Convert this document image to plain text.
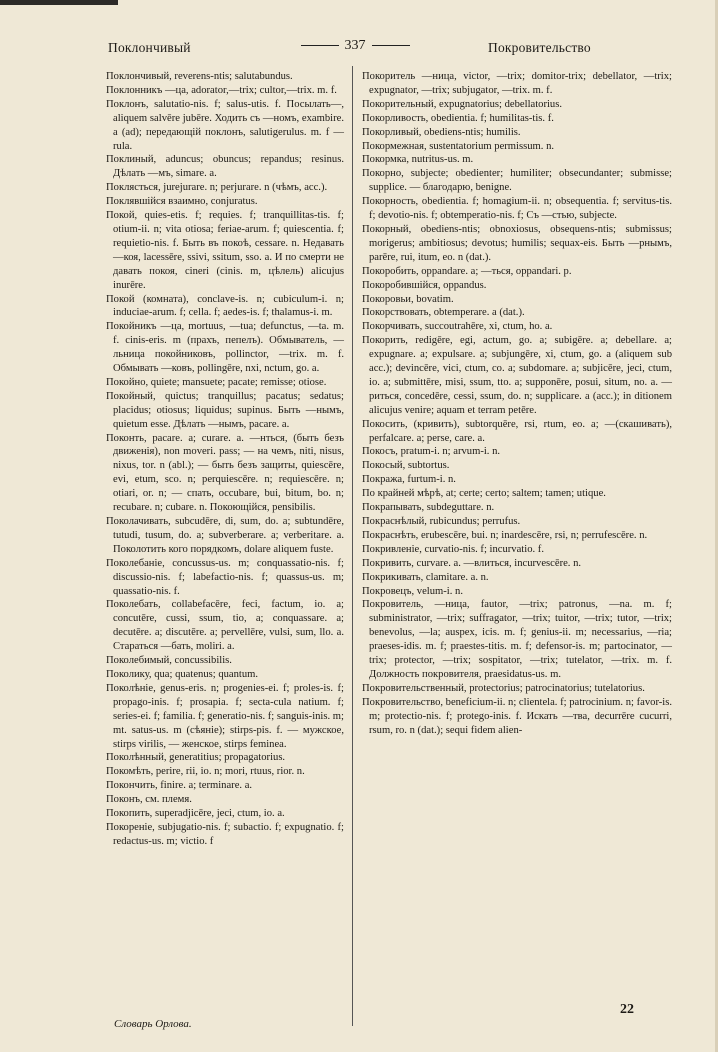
Поклончивый	337	Покровительство

Поклончивый, reverens-ntis; salutabundus.

Поклонникъ —ца, adorator,—trix; cultor,—trix. m. f.

Поклонъ, salutatio-nis. f; salus-utis. f. Посылать—, aliquem salvēre jubēre. Ходить съ —номъ, exambire. a (ad); передающій поклонъ, salutigerulus. m. f —rula.

Поклиный, aduncus; obuncus; repandus; resinus. Дѣлать —мъ, simare. a.

Поклясться, jurejurare. n; perjurare. n (чѣмъ, acc.).

Поклявшійся взаимно, conjuratus.

Покой, quies-etis. f; requies. f; tranquillitas-tis. f; otium-ii. n; vita otiosa; feriae-arum. f; quiescentia. f; requietio-nis. f. Быть въ покоѣ, cessare. n. Недавать —коя, lacessēre, ssivi, ssitum, sso. a. И по смерти не давать покоя, cineri (cinis. m, цѣлель) alicujus inurēre.

Покой (комната), conclave-is. n; cubiculum-i. n; induciae-arum. f; cella. f; aedes-is. f; thalamus-i. m.

Покойникъ —ца, mortuus, —tua; defunctus, —ta. m. f. cinis-eris. m (прахъ, пепелъ). Обмыватель, —льница покойниковъ, pollinctor, —trix. m. f. Обмывать —ковъ, pollingēre, nxi, nctum, go. a.

Покойно, quiete; mansuete; pacate; remisse; otiose.

Покойный, quictus; tranquillus; pacatus; sedatus; placidus; otiosus; liquidus; supinus. Быть —нымъ, quietum esse. Дѣлать —нымъ, pacare. a.

Поконть, pacare. a; curare. a. —нться, (быть безъ движенія), non moveri. pass; — на чемъ, niti, nisus, nixus, tor. n (abl.); — быть безъ защиты, quiescēre, evi, etum, sco. n; perquiescēre. n; requiescēre. n; otiari, or. n; — спать, occubare, bui, bitum, bo. n; recubare. n; cubare. n. Покоющійся, pensibilis.

Поколачивать, subcudēre, di, sum, do. a; subtundēre, tutudi, tusum, do. a; subverberare. a; verberitare. a. Поколотить кого порядкомъ, dolare aliquem fuste.

Поколебаніе, concussus-us. m; conquassatio-nis. f; discussio-nis. f; labefactio-nis. f; quassus-us. m; quassatio-nis. f.

Поколебать, collabefacēre, feci, factum, io. a; concutēre, cussi, ssum, tio, a; conquassare. a; decutēre. a; discutēre. a; pervellēre, vulsi, sum, llo. a. Стараться —бать, moliri. a.

Поколебимый, concussibilis.

Поколику, qua; quatenus; quantum.

Поколѣніе, genus-eris. n; progenies-ei. f; proles-is. f; propago-inis. f; prosapia. f; secta-cula natium. f; series-ei. f; familia. f; generatio-nis. f; sanguis-inis. m; mt. satus-us. m (сѣяніе); stirps-pis. f. — мужское, stirps virilis, — женское, stirps feminea.

Поколѣнный, generatitius; propagatorius.

Покомѣть, perire, rii, io. n; mori, rtuus, rior. n.

Покончить, finire. a; terminare. a.

Поконъ, см. племя.

Покопить, superadjicēre, jeci, ctum, io. a.

Покореніе, subjugatio-nis. f; subactio. f; expugnatio. f; redactus-us. m; victio. f

Покоритель —ница, victor, —trix; domitor-trix; debellator, —trix; expugnator, —trix; subjugator, —trix. m. f.

Покорительный, expugnatorius; debellatorius.

Покорливость, obedientia. f; humilitas-tis. f.

Покорливый, obediens-ntis; humilis.

Покормежная, sustentatorium permissum. n.

Покормка, nutritus-us. m.

Покорно, subjecte; obedienter; humiliter; obsecundanter; submisse; supplice. — благодарю, benigne.

Покорность, obedientia. f; homagium-ii. n; obsequentia. f; servitus-tis. f; devotio-nis. f; obtemperatio-nis. f; Съ —стью, subjecte.

Покорный, obediens-ntis; obnoxiosus, obsequens-ntis; submissus; morigerus; ambitiosus; devotus; humilis; sequax-eis. Быть —рнымъ, parēre, rui, itum, eo. n (dat.).

Покоробить, oppandare. a; —ться, oppandari. p.

Покоробившійся, oppandus.

Покоровьи, bovatim.

Покорствовать, obtemperare. a (dat.).

Покорчивать, succoutrahēre, xi, ctum, ho. a.

Покорить, redigēre, egi, actum, go. a; subigēre. a; debellare. a; expugnare. a; expulsare. a; subjungēre, xi, ctum, go. a (aliquem sub acc.); devincēre, vici, ctum, co. a; subdomare. a; subjicēre, jeci, ctum, io. a; submittēre, misi, ssum, tto. a; supponēre, posui, situm, no. a. —риться, concedēre, cessi, ssum, do. n; supplicare. a (acc.); in ditionem alicujus venire; aquam et terram petēre.

Покосить, (кривить), subtorquēre, rsi, rtum, eo. a; —(скашивать), perfalcare. a; perse, care. a.

Покосъ, pratum-i. n; arvum-i. n.

Покосый, subtortus.

Покража, furtum-i. n.

По крайней мѣрѣ, at; certe; certo; saltem; tamen; utique.

Покрапывать, subdeguttare. n.

Покраснѣлый, rubicundus; perrufus.

Покраснѣть, erubescēre, bui. n; inardescēre, rsi, n; perrufescēre. n.

Покривленіе, curvatio-nis. f; incurvatio. f.

Покривить, curvare. a. —влиться, incurvescēre. n.

Покрикивать, clamitare. a. n.

Покровецъ, velum-i. n.

Покровитель, —ница, fautor, —trix; patronus, —na. m. f; subministrator, —trix; suffragator, —trix; tuitor, —trix; tutor, —trix; benevolus, —la; auspex, icis. m. f; genius-ii. m; necessarius, —ria; praeses-idis. m. f; praestes-titis. m. f; defensor-is. m; partocinator, —trix; protector, —trix; sospitator, —trix; tutelator, —trix. m. f. Должность покровителя, praesidatus-us. m.

Покровительственный, protectorius; patrocinatorius; tutelatorius.

Покровительство, beneficium-ii. n; clientela. f; patrocinium. n; favor-is. m; protectio-nis. f; protego-inis. f. Искать —тва, decurrēre cucurri, rsum, ro. n (dat.); sequi fidem alien-

Словарь Орлова.
22
